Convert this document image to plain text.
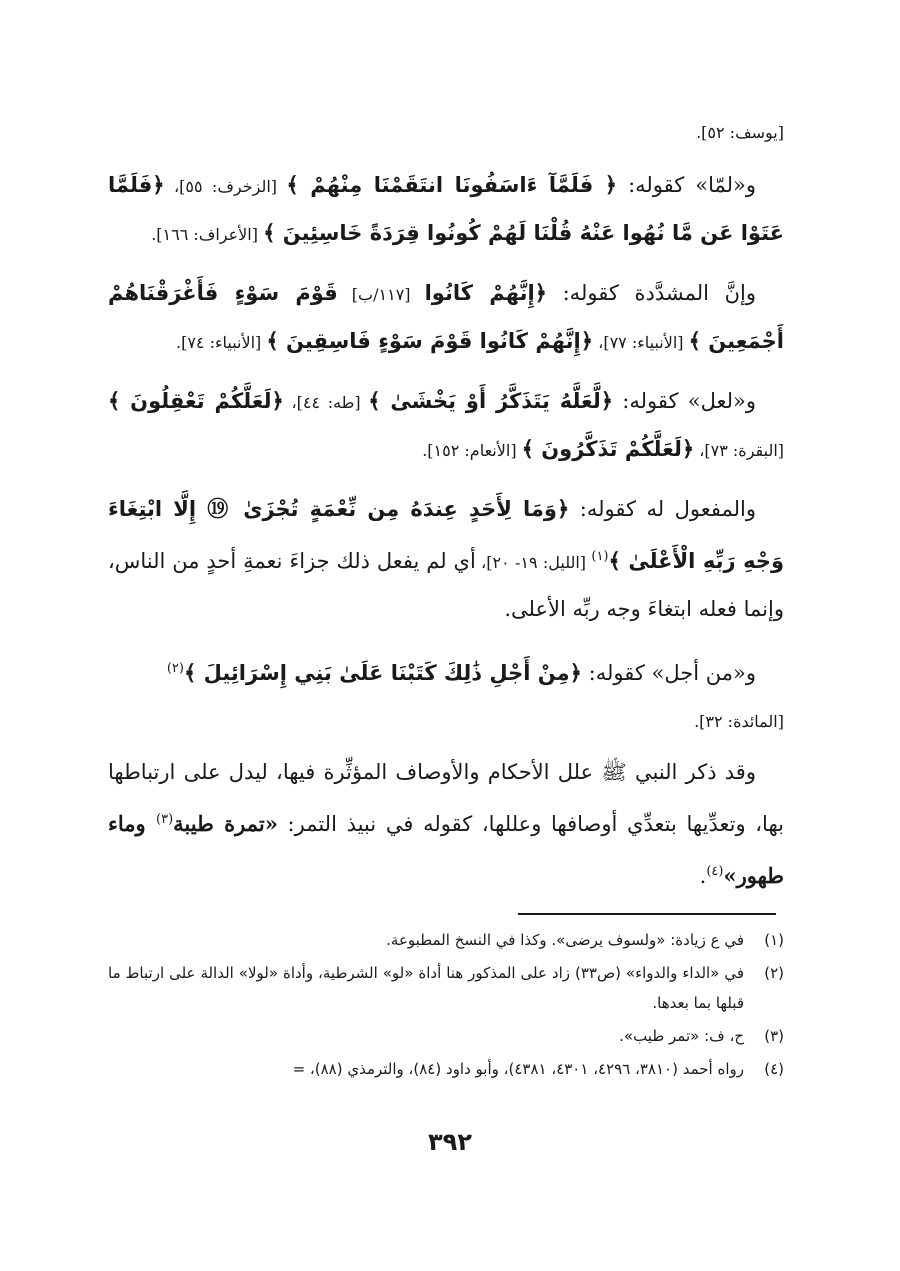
[يوسف: ٥٢].
و«لمّا» كقوله: ﴿ فَلَمَّآ ءَاسَفُونَا انتَقَمْنَا مِنْهُمْ ﴾ [الزخرف: ٥٥]، ﴿فَلَمَّا عَتَوْا عَن مَّا نُهُوا عَنْهُ قُلْنَا لَهُمْ كُونُوا قِرَدَةً خَاسِئِينَ ﴾ [الأعراف: ١٦٦].
وإنَّ المشدَّدة كقوله: ﴿إِنَّهُمْ كَانُوا [١١٧/ب] قَوْمَ سَوْءٍ فَأَغْرَقْنَاهُمْ أَجْمَعِينَ ﴾ [الأنبياء: ٧٧]، ﴿إِنَّهُمْ كَانُوا قَوْمَ سَوْءٍ فَاسِقِينَ ﴾ [الأنبياء: ٧٤].
و«لعل» كقوله: ﴿لَّعَلَّهُ يَتَذَكَّرُ أَوْ يَخْشَىٰ ﴾ [طه: ٤٤]، ﴿لَعَلَّكُمْ تَعْقِلُونَ ﴾ [البقرة: ٧٣]، ﴿لَعَلَّكُمْ تَذَكَّرُونَ ﴾ [الأنعام: ١٥٢].
والمفعول له كقوله: ﴿وَمَا لِأَحَدٍ عِندَهُ مِن نِّعْمَةٍ تُجْزَىٰ ⑲ إِلَّا ابْتِغَاءَ وَجْهِ رَبِّهِ الْأَعْلَىٰ ﴾$^{(١)}$ [الليل: ١٩- ٢٠]، أي لم يفعل ذلك جزاءَ نعمةِ أحدٍ من الناس، وإنما فعله ابتغاءَ وجه ربِّه الأعلى.
و«من أجل» كقوله: ﴿مِنْ أَجْلِ ذَٰلِكَ كَتَبْنَا عَلَىٰ بَنِي إِسْرَائِيلَ ﴾$^{(٢)}$
[المائدة: ٣٢].
وقد ذكر النبي ﷺ علل الأحكام والأوصاف المؤثِّرة فيها، ليدل على ارتباطها بها، وتعدِّيها بتعدِّي أوصافها وعللها، كقوله في نبيذ التمر: «تمرة طيبة$^{(٣)}$ وماء طهور»$^{(٤)}$.
(١)
في ع زيادة: «ولسوف يرضى». وكذا في النسخ المطبوعة.
(٢)
في «الداء والدواء» (ص٣٣) زاد على المذكور هنا أداة «لو» الشرطية، وأداة «لولا» الدالة على ارتباط ما قبلها بما بعدها.
(٣)
ح، ف: «تمر طيب».
(٤)
رواه أحمد (٣٨١٠، ٤٢٩٦، ٤٣٠١، ٤٣٨١)، وأبو داود (٨٤)، والترمذي (٨٨)، =
٣٩٢
